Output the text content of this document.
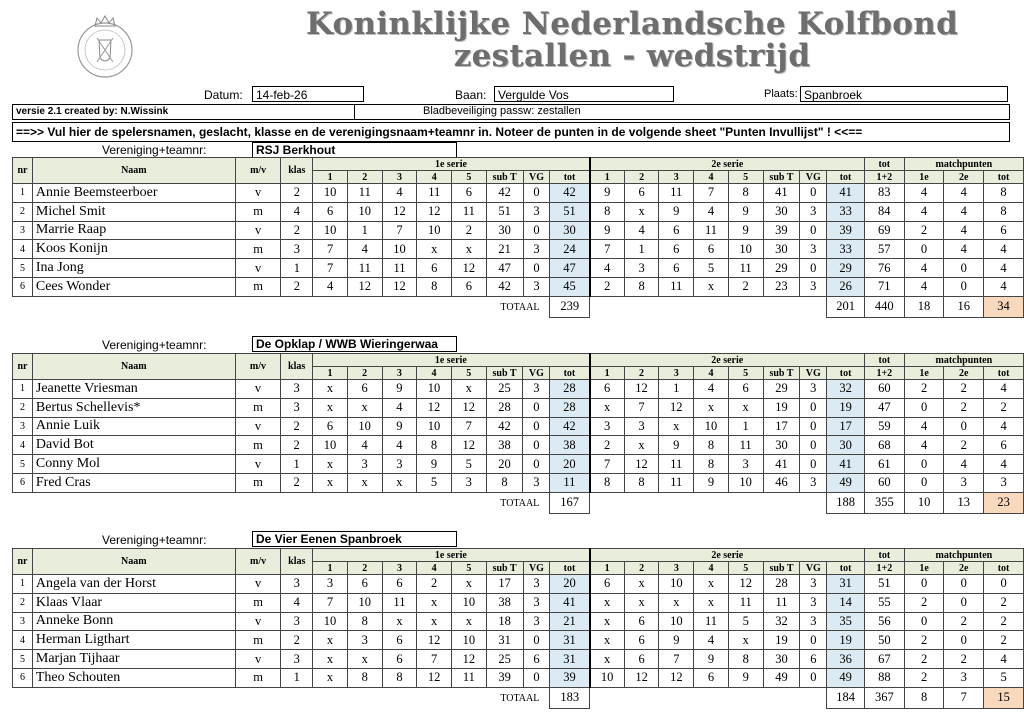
Koninklijke Nederlandsche Kolfbond
zestallen - wedstrijd
Datum:	14-feb-26	Baan: Vergulde Vos	Plaats: Spanbroek
versie 2.1 created by: N.Wissink	Bladbeveiliging passw: zestallen
==>> Vul hier de spelersnamen, geslacht, klasse en de verenigingsnaam+teamnr in. Noteer de punten in de volgende sheet "Punten Invullijst" ! <<==
Vereniging+teamnr:	RSJ Berkhout
Vereniging+teamnr:	De Opklap / WWB Wieringerwaa
Vereniging+teamnr:	De Vier Eenen Spanbroek
nr	Naam	m/v	klas	1e serie								2e serie								tot	matchpunten		
				1	2	3	4	5	sub T	VG	tot	1	2	3	4	5	sub T	VG	tot	1+2	1e	2e	tot
1	Annie Beemsteerboer	v	2	10	11	4	11	6	42	0	42	9	6	11	7	8	41	0	41	83	4	4	8
2	Michel Smit	m	4	6	10	12	12	11	51	3	51	8	x	9	4	9	30	3	33	84	4	4	8
3	Marrie Raap	v	2	10	1	7	10	2	30	0	30	9	4	6	11	9	39	0	39	69	2	4	6
4	Koos Konijn	m	3	7	4	10	x	x	21	3	24	7	1	6	6	10	30	3	33	57	0	4	4
5	Ina Jong	v	1	7	11	11	6	12	47	0	47	4	3	6	5	11	29	0	29	76	4	0	4
6	Cees Wonder	m	2	4	12	12	8	6	42	3	45	2	8	11	x	2	23	3	26	71	4	0	4
				TOTAAL							239								201	440	18	16	34
nr	Naam	m/v	klas	1e serie								2e serie								tot	matchpunten		
				1	2	3	4	5	sub T	VG	tot	1	2	3	4	5	sub T	VG	tot	1+2	1e	2e	tot
1	Jeanette Vriesman	v	3	x	6	9	10	x	25	3	28	6	12	1	4	6	29	3	32	60	2	2	4
2	Bertus Schellevis*	m	3	x	x	4	12	12	28	0	28	x	7	12	x	x	19	0	19	47	0	2	2
3	Annie Luik	v	2	6	10	9	10	7	42	0	42	3	3	x	10	1	17	0	17	59	4	0	4
4	David Bot	m	2	10	4	4	8	12	38	0	38	2	x	9	8	11	30	0	30	68	4	2	6
5	Conny Mol	v	1	x	3	3	9	5	20	0	20	7	12	11	8	3	41	0	41	61	0	4	4
6	Fred Cras	m	2	x	x	x	5	3	8	3	11	8	8	11	9	10	46	3	49	60	0	3	3
				TOTAAL							167								188	355	10	13	23
nr	Naam	m/v	klas	1e serie								2e serie								tot	matchpunten		
				1	2	3	4	5	sub T	VG	tot	1	2	3	4	5	sub T	VG	tot	1+2	1e	2e	tot
1	Angela van der Horst	v	3	3	6	6	2	x	17	3	20	6	x	10	x	12	28	3	31	51	0	0	0
2	Klaas Vlaar	m	4	7	10	11	x	10	38	3	41	x	x	x	x	11	11	3	14	55	2	0	2
3	Anneke Bonn	v	3	10	8	x	x	x	18	3	21	x	6	10	11	5	32	3	35	56	0	2	2
4	Herman Ligthart	m	2	x	3	6	12	10	31	0	31	x	6	9	4	x	19	0	19	50	2	0	2
5	Marjan Tijhaar	v	3	x	x	6	7	12	25	6	31	x	6	7	9	8	30	6	36	67	2	2	4
6	Theo Schouten	m	1	x	8	8	12	11	39	0	39	10	12	12	6	9	49	0	49	88	2	3	5
				TOTAAL							183								184	367	8	7	15
